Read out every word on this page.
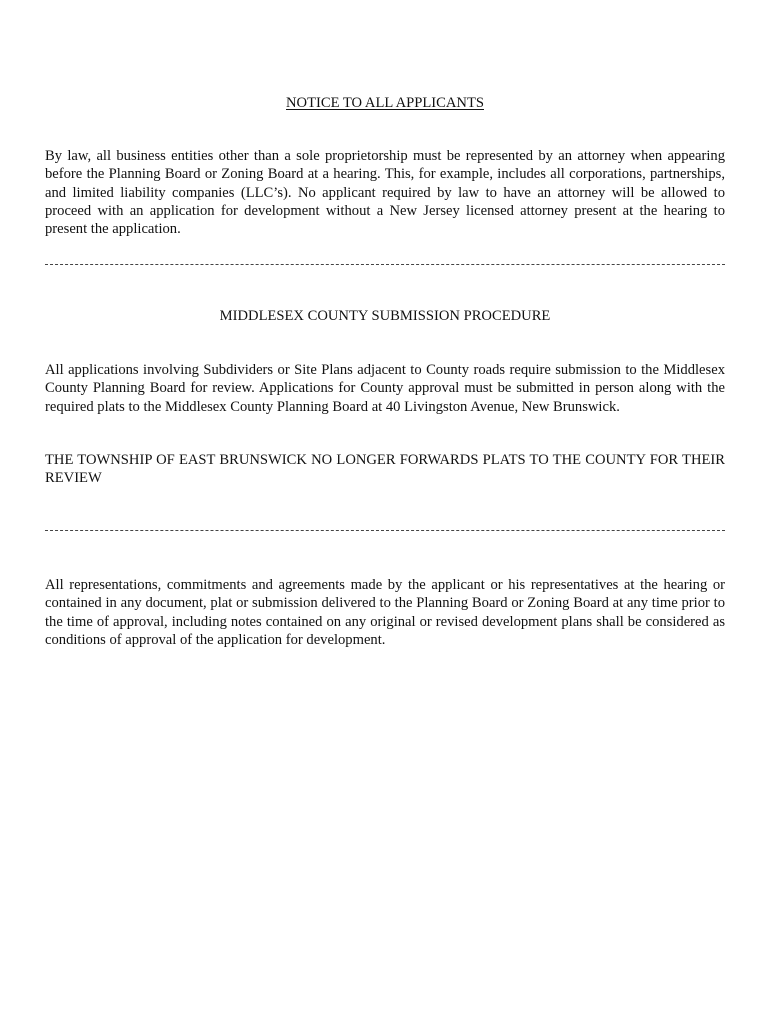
NOTICE TO ALL APPLICANTS

By law, all business entities other than a sole proprietorship must be represented by an attorney when appearing before the Planning Board or Zoning Board at a hearing. This, for example, includes all corporations, partnerships, and limited liability companies (LLC’s). No applicant required by law to have an attorney will be allowed to proceed with an application for development without a New Jersey licensed attorney present at the hearing to present the application.

MIDDLESEX COUNTY SUBMISSION PROCEDURE

All applications involving Subdividers or Site Plans adjacent to County roads require submission to the Middlesex County Planning Board for review. Applications for County approval must be submitted in person along with the required plats to the Middlesex County Planning Board at 40 Livingston Avenue, New Brunswick.

THE TOWNSHIP OF EAST BRUNSWICK NO LONGER FORWARDS PLATS TO THE COUNTY FOR THEIR REVIEW

All representations, commitments and agreements made by the applicant or his representatives at the hearing or contained in any document, plat or submission delivered to the Planning Board or Zoning Board at any time prior to the time of approval, including notes contained on any original or revised development plans shall be considered as conditions of approval of the application for development.
